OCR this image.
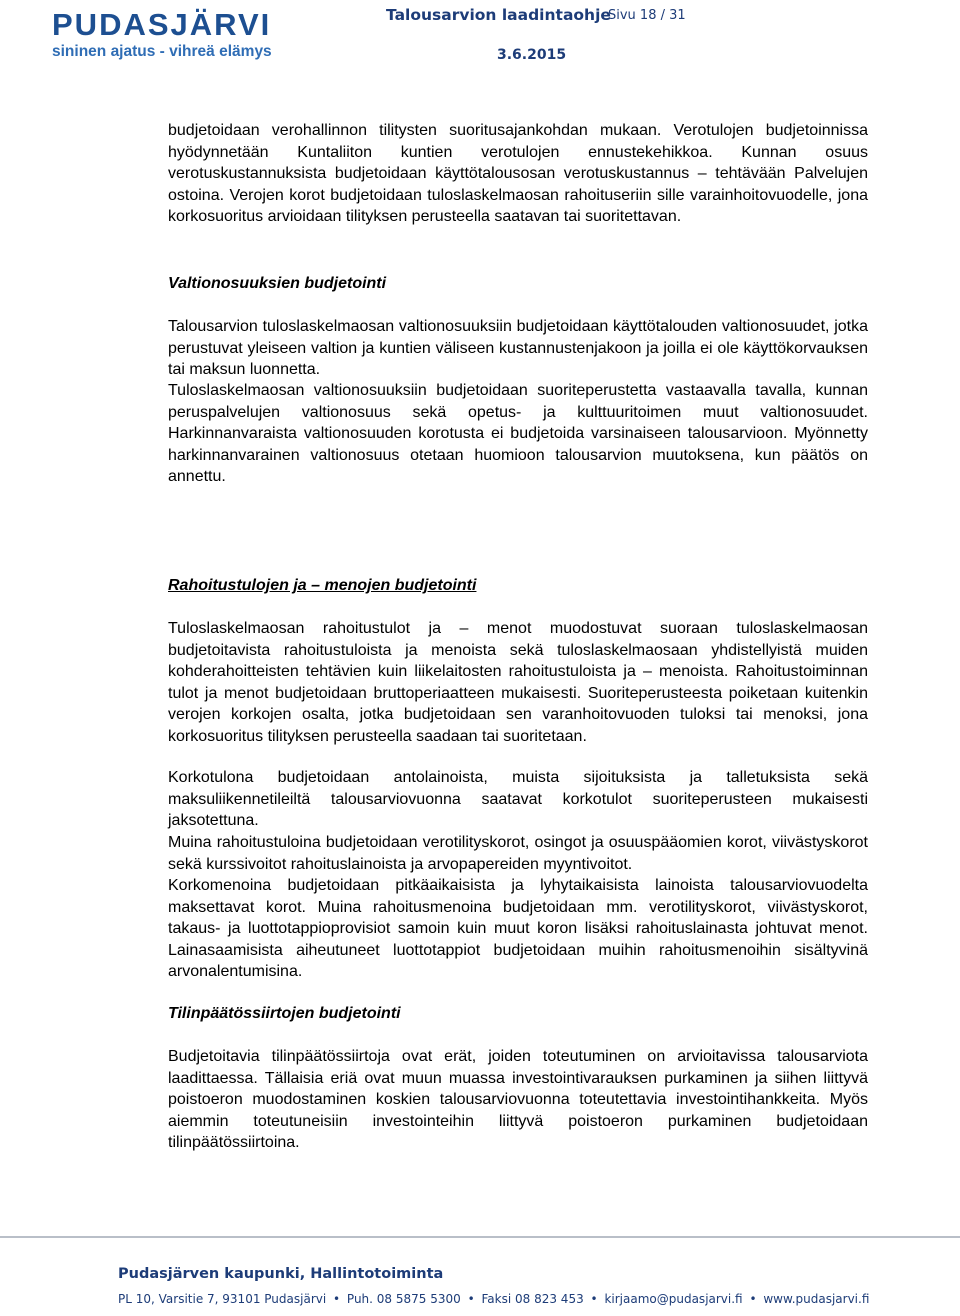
PUDASJÄRVI
sininen ajatus - vihreä elämys
Talousarvion laadintaohje
Sivu 18 / 31
3.6.2015

budjetoidaan verohallinnon tilitysten suoritusajankohdan mukaan. Verotulojen budjetoinnissa hyödynnetään Kuntaliiton kuntien verotulojen ennustekehikkoa. Kunnan osuus verotuskustannuksista budjetoidaan käyttötalousosan verotuskustannus – tehtävään Palvelujen ostoina. Verojen korot budjetoidaan tuloslaskelmaosan rahoituseriin sille varainhoitovuodelle, jona korkosuoritus arvioidaan tilityksen perusteella saatavan tai suoritettavan.

Valtionosuuksien budjetointi

Talousarvion tuloslaskelmaosan valtionosuuksiin budjetoidaan käyttötalouden valtionosuudet, jotka perustuvat yleiseen valtion ja kuntien väliseen kustannustenjakoon ja joilla ei ole käyttökorvauksen tai maksun luonnetta.

Tuloslaskelmaosan valtionosuuksiin budjetoidaan suoriteperustetta vastaavalla tavalla, kunnan peruspalvelujen valtionosuus sekä opetus- ja kulttuuritoimen muut valtionosuudet. Harkinnanvaraista valtionosuuden korotusta ei budjetoida varsinaiseen talousarvioon. Myönnetty harkinnanvarainen valtionosuus otetaan huomioon talousarvion muutoksena, kun päätös on annettu.

Rahoitustulojen ja – menojen budjetointi

Tuloslaskelmaosan rahoitustulot ja – menot muodostuvat suoraan tuloslaskelmaosan budjetoitavista rahoitustuloista ja menoista sekä tuloslaskelmaosaan yhdistellyistä muiden kohderahoitteisten tehtävien kuin liikelaitosten rahoitustuloista ja – menoista. Rahoitustoiminnan tulot ja menot budjetoidaan bruttoperiaatteen mukaisesti. Suoriteperusteesta poiketaan kuitenkin verojen korkojen osalta, jotka budjetoidaan sen varanhoitovuoden tuloksi tai menoksi, jona korkosuoritus tilityksen perusteella saadaan tai suoritetaan.

Korkotulona budjetoidaan antolainoista, muista sijoituksista ja talletuksista sekä maksuliikennetileiltä talousarviovuonna saatavat korkotulot suoriteperusteen mukaisesti jaksotettuna.

Muina rahoitustuloina budjetoidaan verotilityskorot, osingot ja osuuspääomien korot, viivästyskorot sekä kurssivoitot rahoituslainoista ja arvopapereiden myyntivoitot.

Korkomenoina budjetoidaan pitkäaikaisista ja lyhytaikaisista lainoista talousarviovuodelta maksettavat korot. Muina rahoitusmenoina budjetoidaan mm. verotilityskorot, viivästyskorot, takaus- ja luottotappioprovisiot samoin kuin muut koron lisäksi rahoituslainasta johtuvat menot. Lainasaamisista aiheutuneet luottotappiot budjetoidaan muihin rahoitusmenoihin sisältyvinä arvonalentumisina.

Tilinpäätössiirtojen budjetointi

Budjetoitavia tilinpäätössiirtoja ovat erät, joiden toteutuminen on arvioitavissa talousarviota laadittaessa. Tällaisia eriä ovat muun muassa investointivarauksen purkaminen ja siihen liittyvä poistoeron muodostaminen koskien talousarviovuonna toteutettavia investointihankkeita. Myös aiemmin toteutuneisiin investointeihin liittyvä poistoeron purkaminen budjetoidaan tilinpäätössiirtoina.

Pudasjärven kaupunki, Hallintotoiminta
PL 10, Varsitie 7, 93101 Pudasjärvi • Puh. 08 5875 5300 • Faksi 08 823 453 • kirjaamo@pudasjarvi.fi • www.pudasjarvi.fi
